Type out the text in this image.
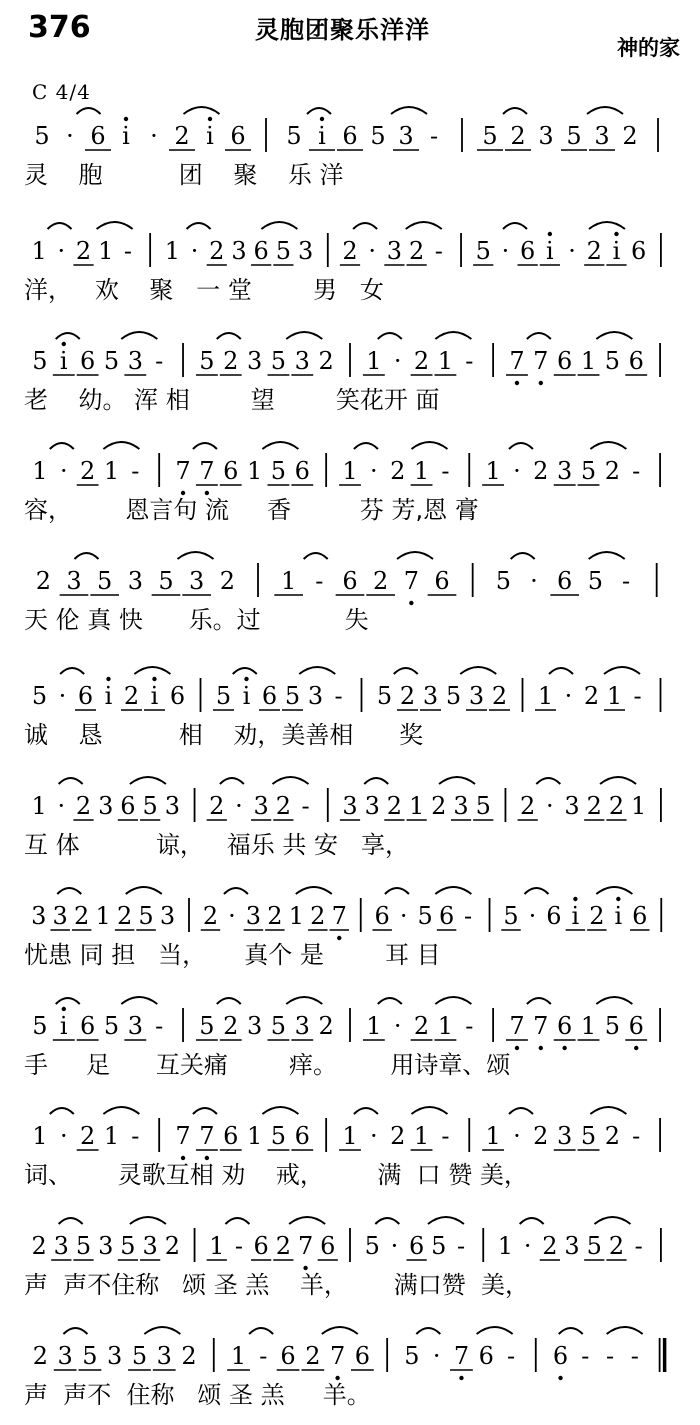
376	灵胞团聚乐洋洋
神的家
C 4/4
5 · 6 i · 2 i 6 5 i 6 5 3 - 5 2 3 5 3 2
灵    胞          团    聚    乐 洋
1 · 2 1 - 1 · 2 3 6 5 3 2 · 3 2 - 5 · 6 i · 2 i 6
洋，   欢    聚   一 堂        男   女
5 i 6 5 3 - 5 2 3 5 3 2 1 · 2 1 - 7 7 6 1 5 6
老    幼。 浑 相        望        笑花开 面
1 · 2 1 - 7 7 6 1 5 6 1 · 2 1 - 1 · 2 3 5 2 -
容，       恩言句 流     香         芬 芳,恩 膏
2 3 5 3 5 3 2 1 - 6 2 7 6 5 · 6 5 -
天 伦 真 快      乐。过           失
5 · 6 i 2 i 6 5 i 6 5 3 - 5 2 3 5 3 2 1 · 2 1 -
诚    恳          相    劝，美善相      奖
1 · 2 3 6 5 3 2 · 3 2 - 3 3 2 1 2 3 5 2 · 3 2 2 1
互 体          谅，   福乐 共 安   享，
3 3 2 1 2 5 3 2 · 3 2 1 2 7 6 · 5 6 - 5 · 6 i 2 i 6
忧患 同 担   当，     真个 是        耳 目
5 i 6 5 3 - 5 2 3 5 3 2 1 · 2 1 - 7 7 6 1 5 6
手     足      互关痛        痒。       用诗章、颂
1 · 2 1 - 7 7 6 1 5 6 1 · 2 1 - 1 · 2 3 5 2 -
词、      灵歌互相 劝    戒，       满  口 赞 美，
2 3 5 3 5 3 2 1 - 6 2 7 6 5 · 6 5 - 1 · 2 3 5 2 -
声  声不住称   颂 圣 羔    羊，      满口赞  美，
2 3 5 3 5 3 2 1 - 6 2 7 6 5 · 7 6 - 6 - - -
声  声不  住称   颂 圣 羔     羊。
